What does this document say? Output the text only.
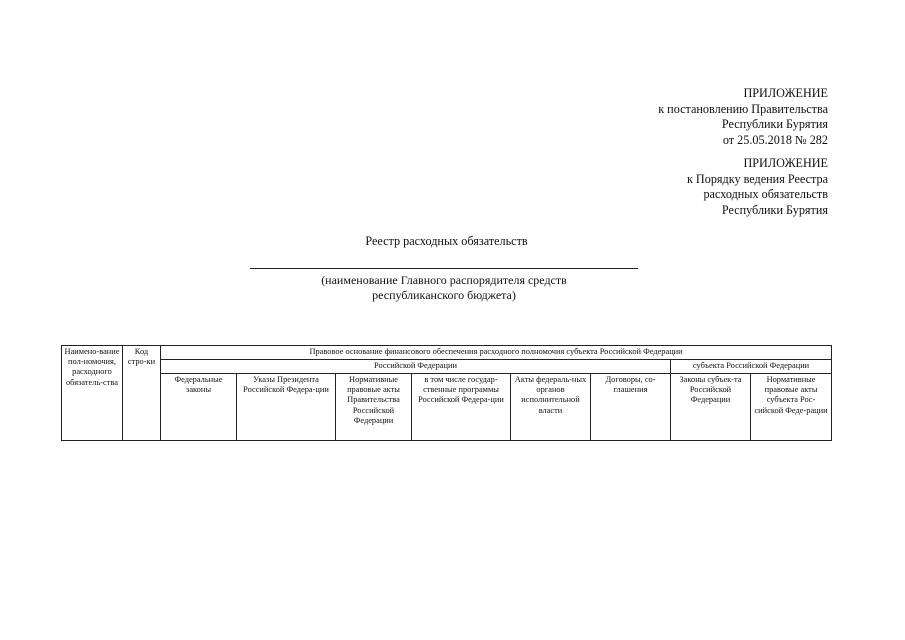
ПРИЛОЖЕНИЕ
к постановлению Правительства
Республики Бурятия
от 25.05.2018 № 282
ПРИЛОЖЕНИЕ
к Порядку ведения Реестра
расходных обязательств
Республики Бурятия
Реестр расходных обязательств
(наименование Главного распорядителя средств
республиканского бюджета)
Наимено-вание пол-номочия, расходного обязатель-ства	Код стро-ки	Правовое основание финансового обеспечения расходного полномочия субъекта Российской Федерации							
		Российской Федерации						субъекта Российской Федерации	
		Федеральные законы	Указы Президента Российской Федера-ции	Нормативные правовые акты Правительства Российской Федерации	в том числе государ-ственные программы Российской Федера-ции	Акты федераль-ных органов исполнительной власти	Договоры, со-глашения	Законы субъек-та Российской Федерации	Нормативные правовые акты субъекта Рос-сийской Феде-рации
